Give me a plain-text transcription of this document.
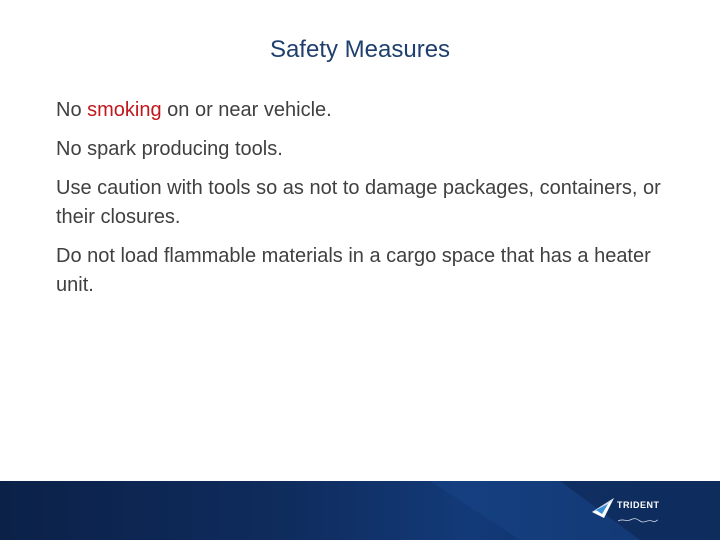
Safety Measures
No smoking on or near vehicle.
No spark producing tools.
Use caution with tools so as not to damage packages, containers, or their closures.
Do not load flammable materials in a cargo space that has a heater unit.
TRIDENT
